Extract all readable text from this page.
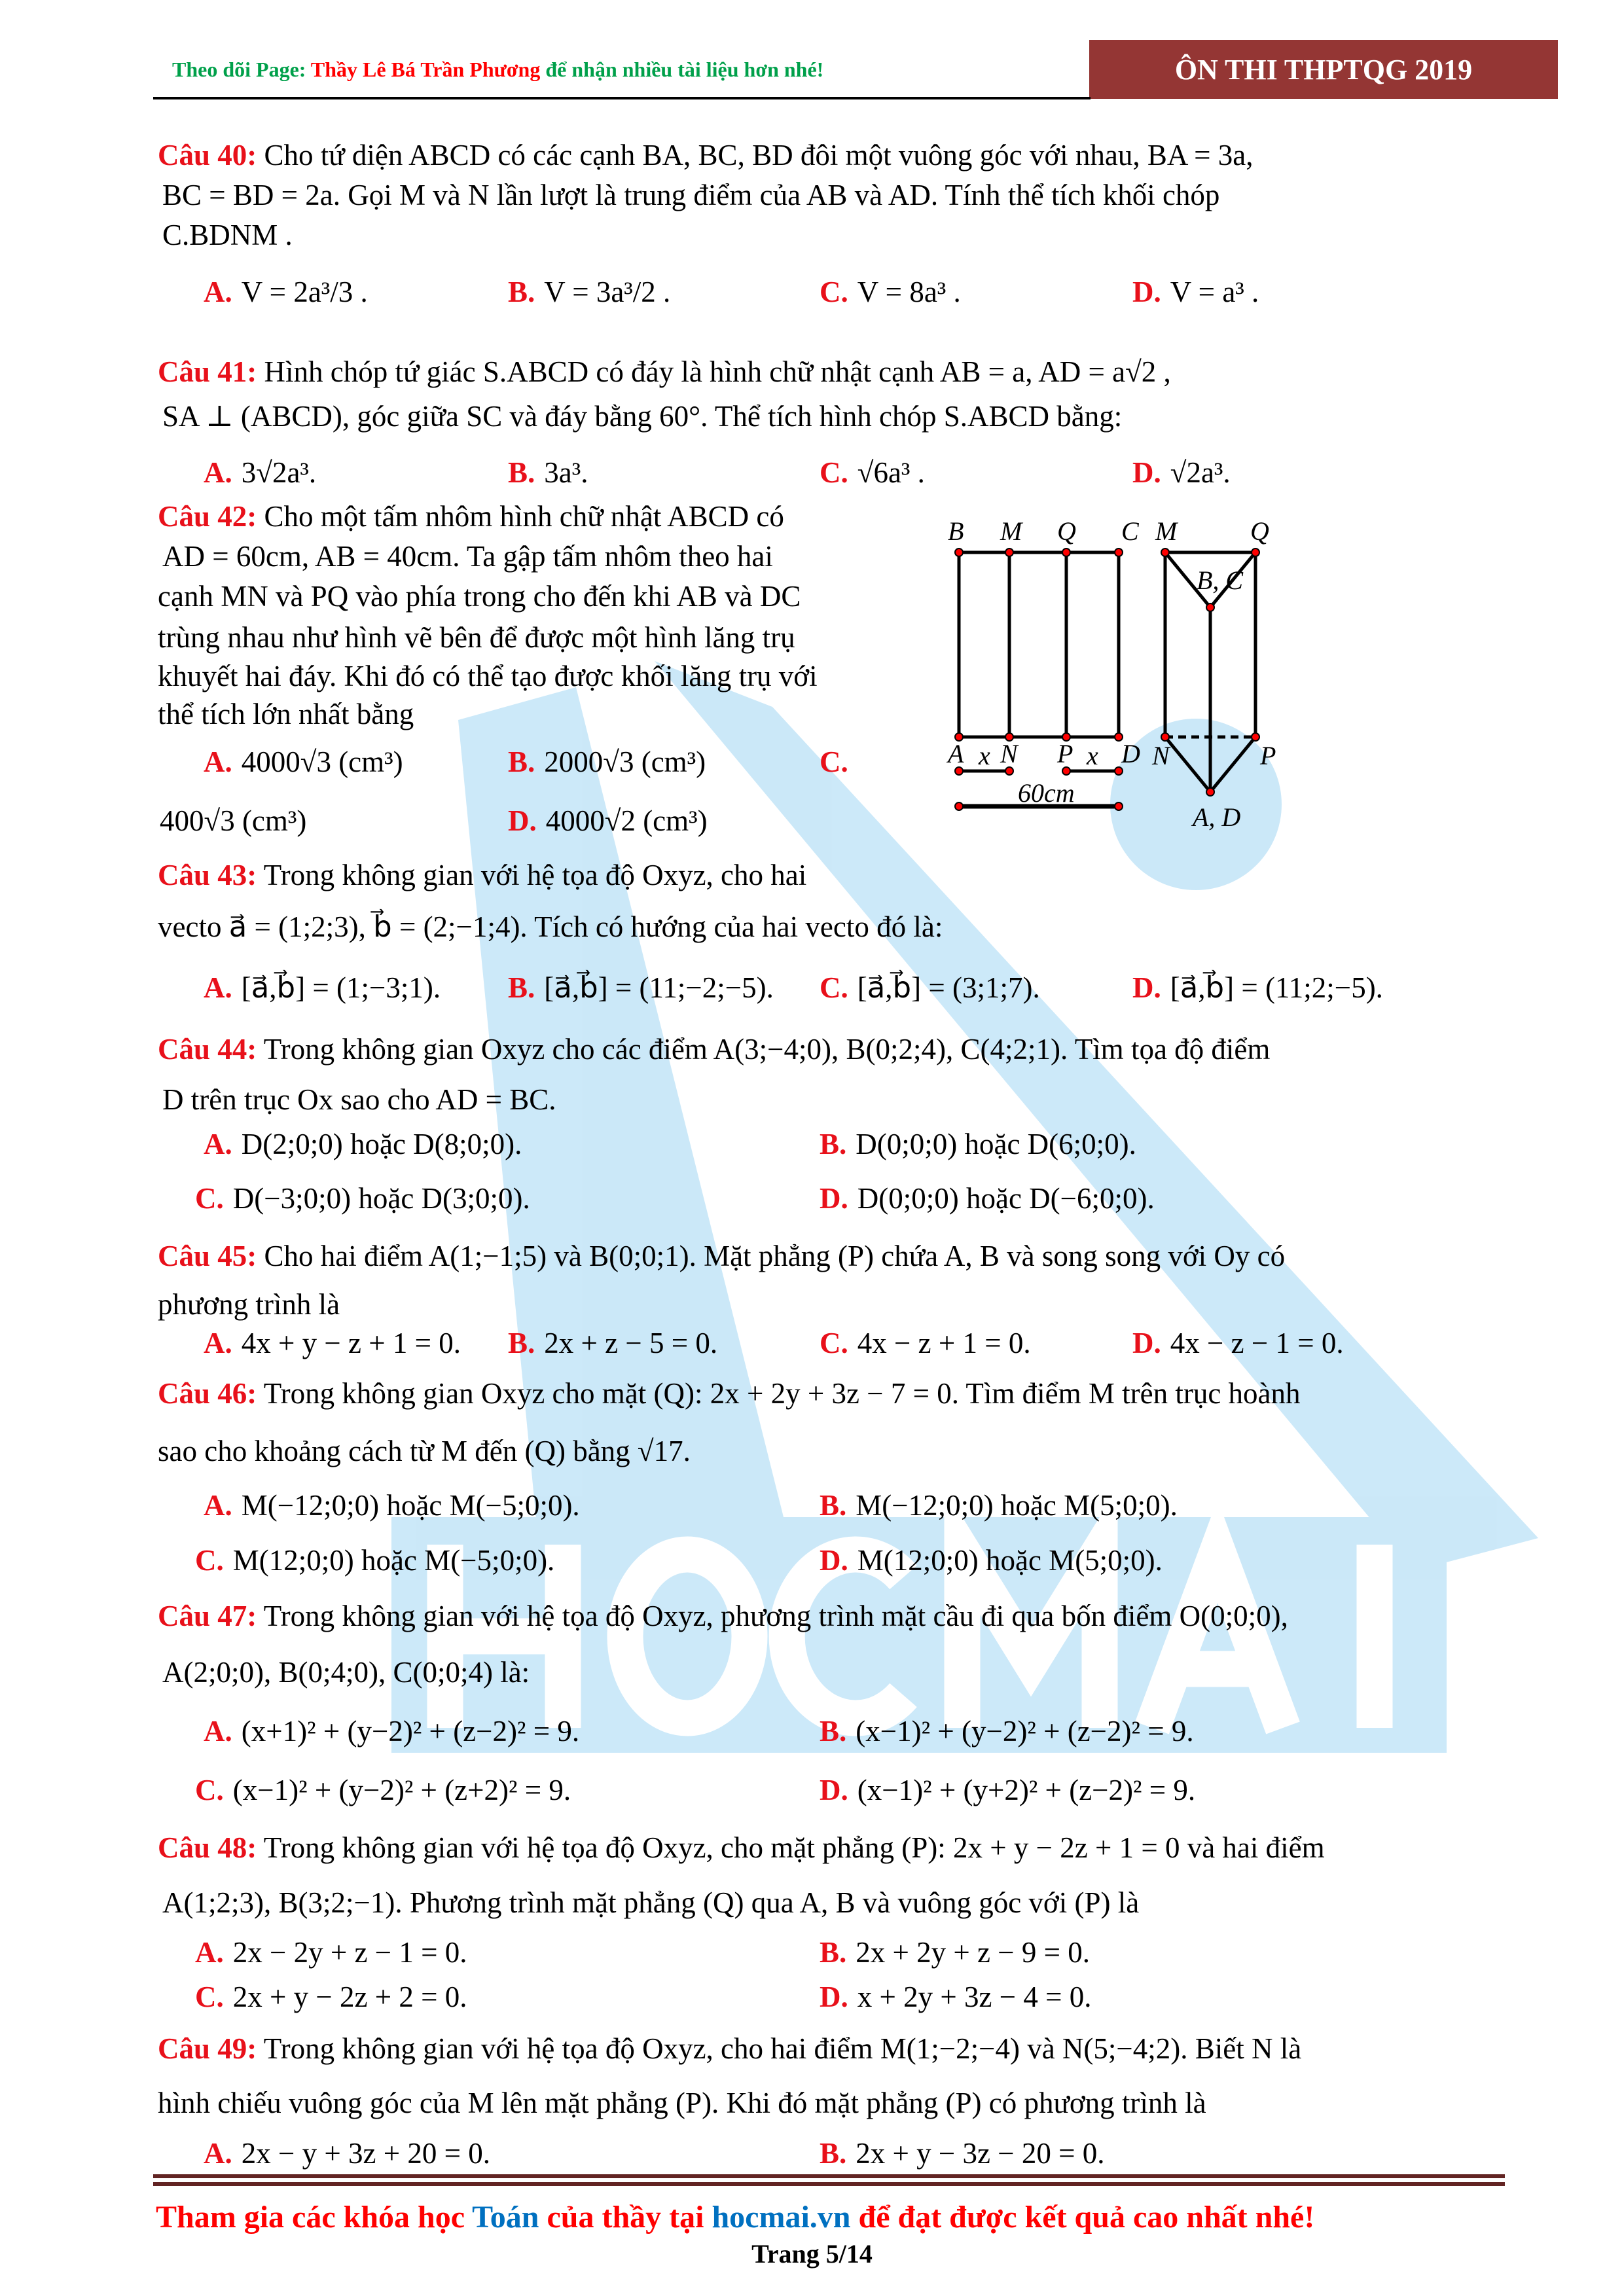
Theo dõi Page: Thầy Lê Bá Trần Phương để nhận nhiều tài liệu hơn nhé!	ÔN THI THPTQG 2019
Câu 40: Cho tứ diện ABCD có các cạnh BA, BC, BD đôi một vuông góc với nhau, BA = 3a,
BC = BD = 2a. Gọi M và N lần lượt là trung điểm của AB và AD. Tính thể tích khối chóp
C.BDNM .
A. V = 2a³/3 .	B. V = 3a³/2 .	C. V = 8a³ .	D. V = a³ .
Câu 41: Hình chóp tứ giác S.ABCD có đáy là hình chữ nhật cạnh AB = a, AD = a√2 ,
SA ⊥ (ABCD), góc giữa SC và đáy bằng 60°. Thể tích hình chóp S.ABCD bằng:
A. 3√2a³.	B. 3a³.	C. √6a³ .	D. √2a³.
Câu 42: Cho một tấm nhôm hình chữ nhật ABCD có
AD = 60cm, AB = 40cm. Ta gập tấm nhôm theo hai
cạnh MN và PQ vào phía trong cho đến khi AB và DC
trùng nhau như hình vẽ bên để được một hình lăng trụ
khuyết hai đáy. Khi đó có thể tạo được khối lăng trụ với
thể tích lớn nhất bằng
A. 4000√3 (cm³)	B. 2000√3 (cm³)	C.
400√3 (cm³)	D. 4000√2 (cm³)
B M Q C
A N P D
x	x
60cm
M	Q
B, C
N	P
A, D
Câu 43: Trong không gian với hệ tọa độ Oxyz, cho hai
vecto a⃗ = (1;2;3), b⃗ = (2;−1;4). Tích có hướng của hai vecto đó là:
A. [a⃗,b⃗] = (1;−3;1). B. [a⃗,b⃗] = (11;−2;−5). C. [a⃗,b⃗] = (3;1;7).	D. [a⃗,b⃗] = (11;2;−5).
Câu 44: Trong không gian Oxyz cho các điểm A(3;−4;0), B(0;2;4), C(4;2;1). Tìm tọa độ điểm
D trên trục Ox sao cho AD = BC.
A. D(2;0;0) hoặc D(8;0;0).	B. D(0;0;0) hoặc D(6;0;0).
C. D(−3;0;0) hoặc D(3;0;0).	D. D(0;0;0) hoặc D(−6;0;0).
Câu 45: Cho hai điểm A(1;−1;5) và B(0;0;1). Mặt phẳng (P) chứa A, B và song song với Oy có
phương trình là
A. 4x + y − z + 1 = 0. B. 2x + z − 5 = 0.	C. 4x − z + 1 = 0.	D. 4x − z − 1 = 0.
Câu 46: Trong không gian Oxyz cho mặt (Q): 2x + 2y + 3z − 7 = 0. Tìm điểm M trên trục hoành
sao cho khoảng cách từ M đến (Q) bằng √17.
A. M(−12;0;0) hoặc M(−5;0;0).	B. M(−12;0;0) hoặc M(5;0;0).
C. M(12;0;0) hoặc M(−5;0;0).	D. M(12;0;0) hoặc M(5;0;0).
Câu 47: Trong không gian với hệ tọa độ Oxyz, phương trình mặt cầu đi qua bốn điểm O(0;0;0),
A(2;0;0), B(0;4;0), C(0;0;4) là:
A. (x+1)² + (y−2)² + (z−2)² = 9.	B. (x−1)² + (y−2)² + (z−2)² = 9.
C. (x−1)² + (y−2)² + (z+2)² = 9.	D. (x−1)² + (y+2)² + (z−2)² = 9.
Câu 48: Trong không gian với hệ tọa độ Oxyz, cho mặt phẳng (P): 2x + y − 2z + 1 = 0 và hai điểm
A(1;2;3), B(3;2;−1). Phương trình mặt phẳng (Q) qua A, B và vuông góc với (P) là
A. 2x − 2y + z − 1 = 0.	B. 2x + 2y + z − 9 = 0.
C. 2x + y − 2z + 2 = 0.	D. x + 2y + 3z − 4 = 0.
Câu 49: Trong không gian với hệ tọa độ Oxyz, cho hai điểm M(1;−2;−4) và N(5;−4;2). Biết N là
hình chiếu vuông góc của M lên mặt phẳng (P). Khi đó mặt phẳng (P) có phương trình là
A. 2x − y + 3z + 20 = 0.	B. 2x + y − 3z − 20 = 0.
Tham gia các khóa học Toán của thầy tại hocmai.vn để đạt được kết quả cao nhất nhé!
Trang 5/14
